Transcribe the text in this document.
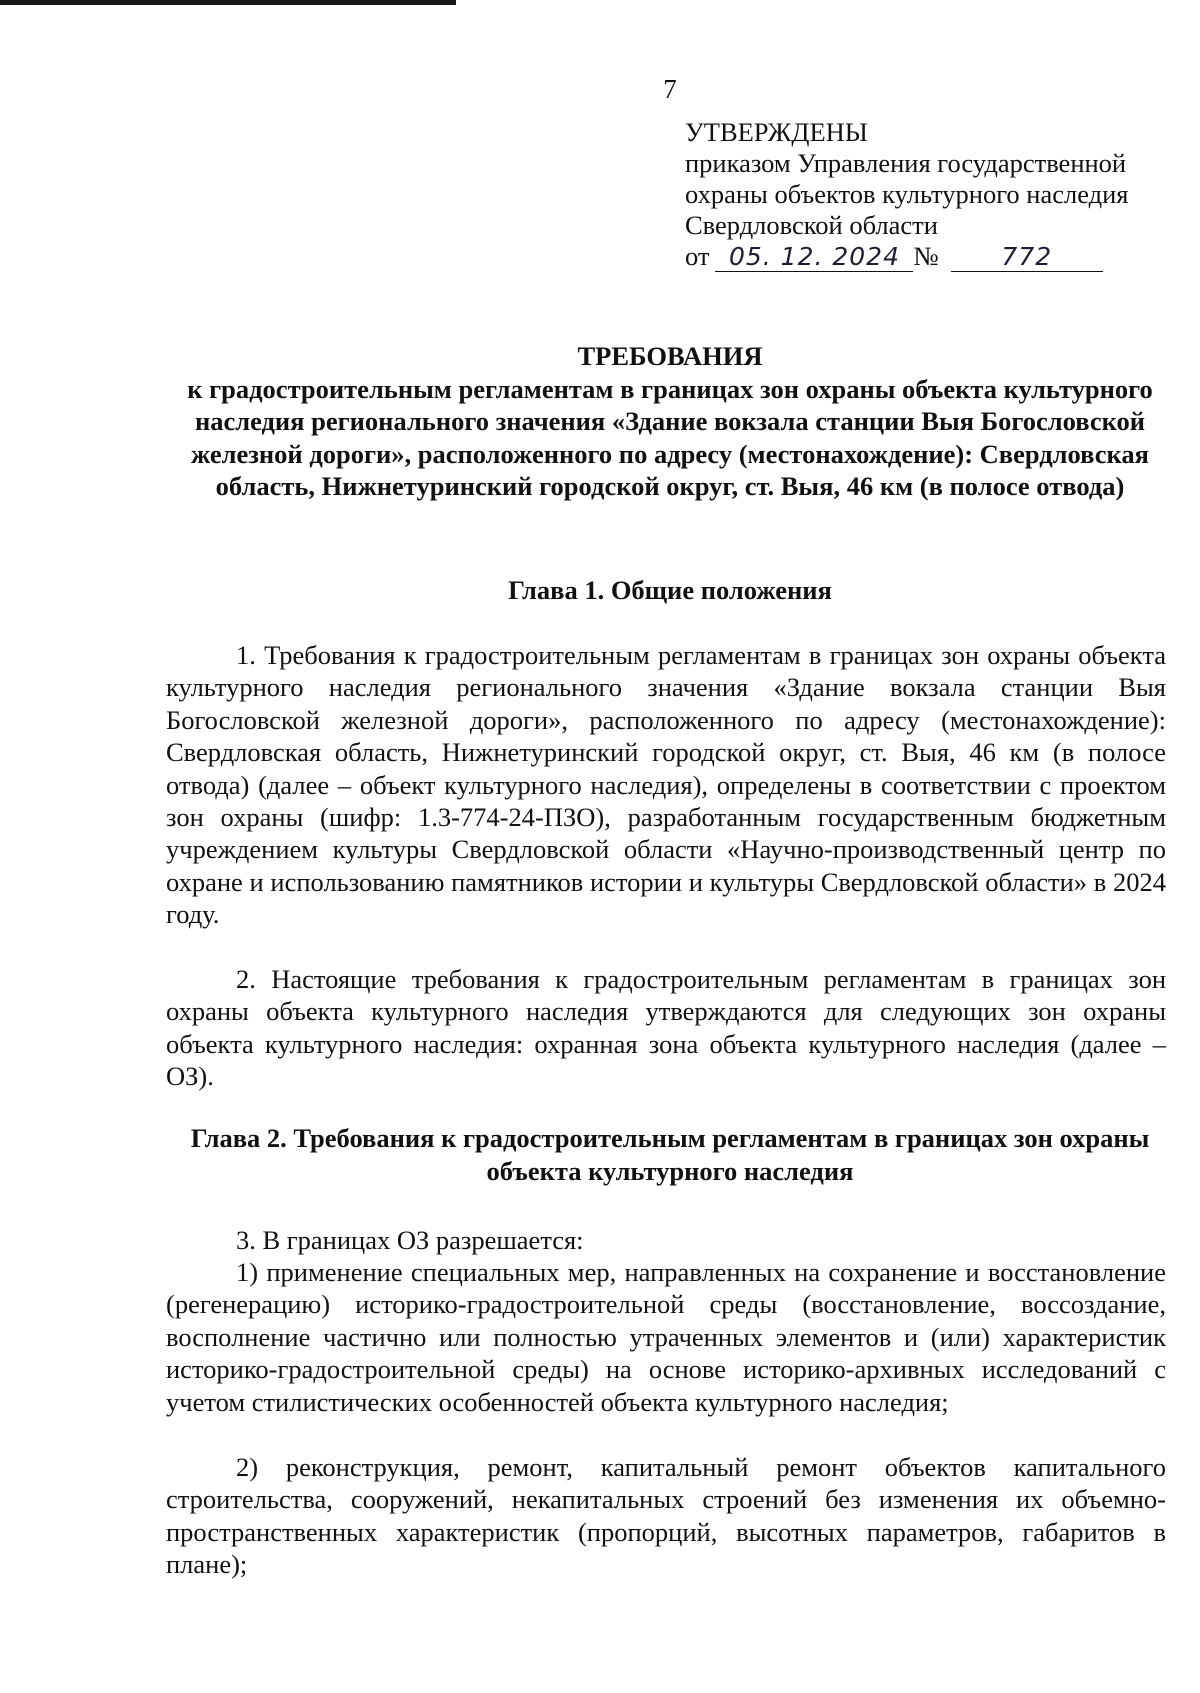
7
УТВЕРЖДЕНЫ
приказом Управления государственной
охраны объектов культурного наследия
Свердловской области
от 05. 12. 2024 №	772
ТРЕБОВАНИЯ
к градостроительным регламентам в границах зон охраны объекта культурного наследия регионального значения «Здание вокзала станции Выя Богословской железной дороги», расположенного по адресу (местонахождение): Свердловская область, Нижнетуринский городской округ, ст. Выя, 46 км (в полосе отвода)
Глава 1. Общие положения

1. Требования к градостроительным регламентам в границах зон охраны объекта культурного наследия регионального значения «Здание вокзала станции Выя Богословской железной дороги», расположенного по адресу (местонахождение): Свердловская область, Нижнетуринский городской округ, ст. Выя, 46 км (в полосе отвода) (далее – объект культурного наследия), определены в соответствии с проектом зон охраны (шифр: 1.3-774-24-ПЗО), разработанным государственным бюджетным учреждением культуры Свердловской области «Научно-производственный центр по охране и использованию памятников истории и культуры Свердловской области» в 2024 году.

2. Настоящие требования к градостроительным регламентам в границах зон охраны объекта культурного наследия утверждаются для следующих зон охраны объекта культурного наследия: охранная зона объекта культурного наследия (далее – ОЗ).

Глава 2. Требования к градостроительным регламентам в границах зон охраны объекта культурного наследия

3. В границах ОЗ разрешается:

1) применение специальных мер, направленных на сохранение и восстановление (регенерацию) историко-градостроительной среды (восстановление, воссоздание, восполнение частично или полностью утраченных элементов и (или) характеристик историко-градостроительной среды) на основе историко-архивных исследований с учетом стилистических особенностей объекта культурного наследия;

2) реконструкция, ремонт, капитальный ремонт объектов капитального строительства, сооружений, некапитальных строений без изменения их объемно-пространственных характеристик (пропорций, высотных параметров, габаритов в плане);
